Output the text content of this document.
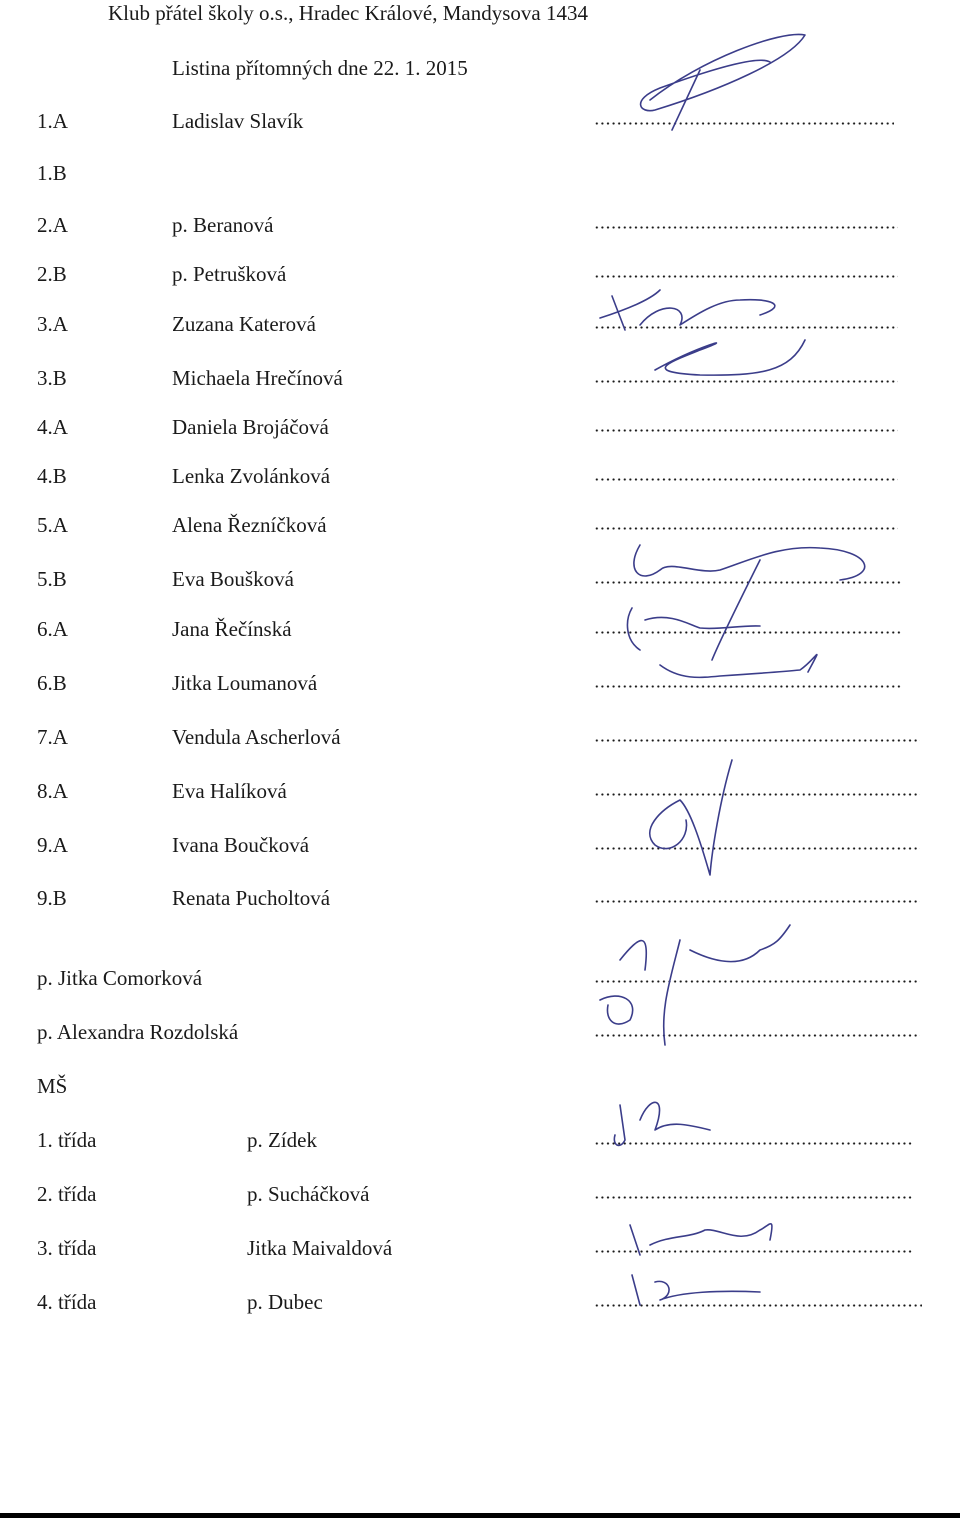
Klub přátel školy o.s., Hradec Králové, Mandysova 1434
Listina přítomných dne 22. 1. 2015
1.A	Ladislav Slavík
1.B
2.A	p. Beranová
2.B	p. Petrušková
3.A	Zuzana Katerová
3.B	Michaela Hrečínová
4.A	Daniela Brojáčová
4.B	Lenka Zvolánková
5.A	Alena Řezníčková
5.B	Eva Boušková
6.A	Jana Řečínská
6.B	Jitka Loumanová
7.A	Vendula Ascherlová
8.A	Eva Halíková
9.A	Ivana Boučková
9.B	Renata Pucholtová
p. Jitka Comorková
p. Alexandra Rozdolská
MŠ
1. třída	p. Zídek
2. třída	p. Sucháčková
3. třída	Jitka Maivaldová
4. třída	p. Dubec
